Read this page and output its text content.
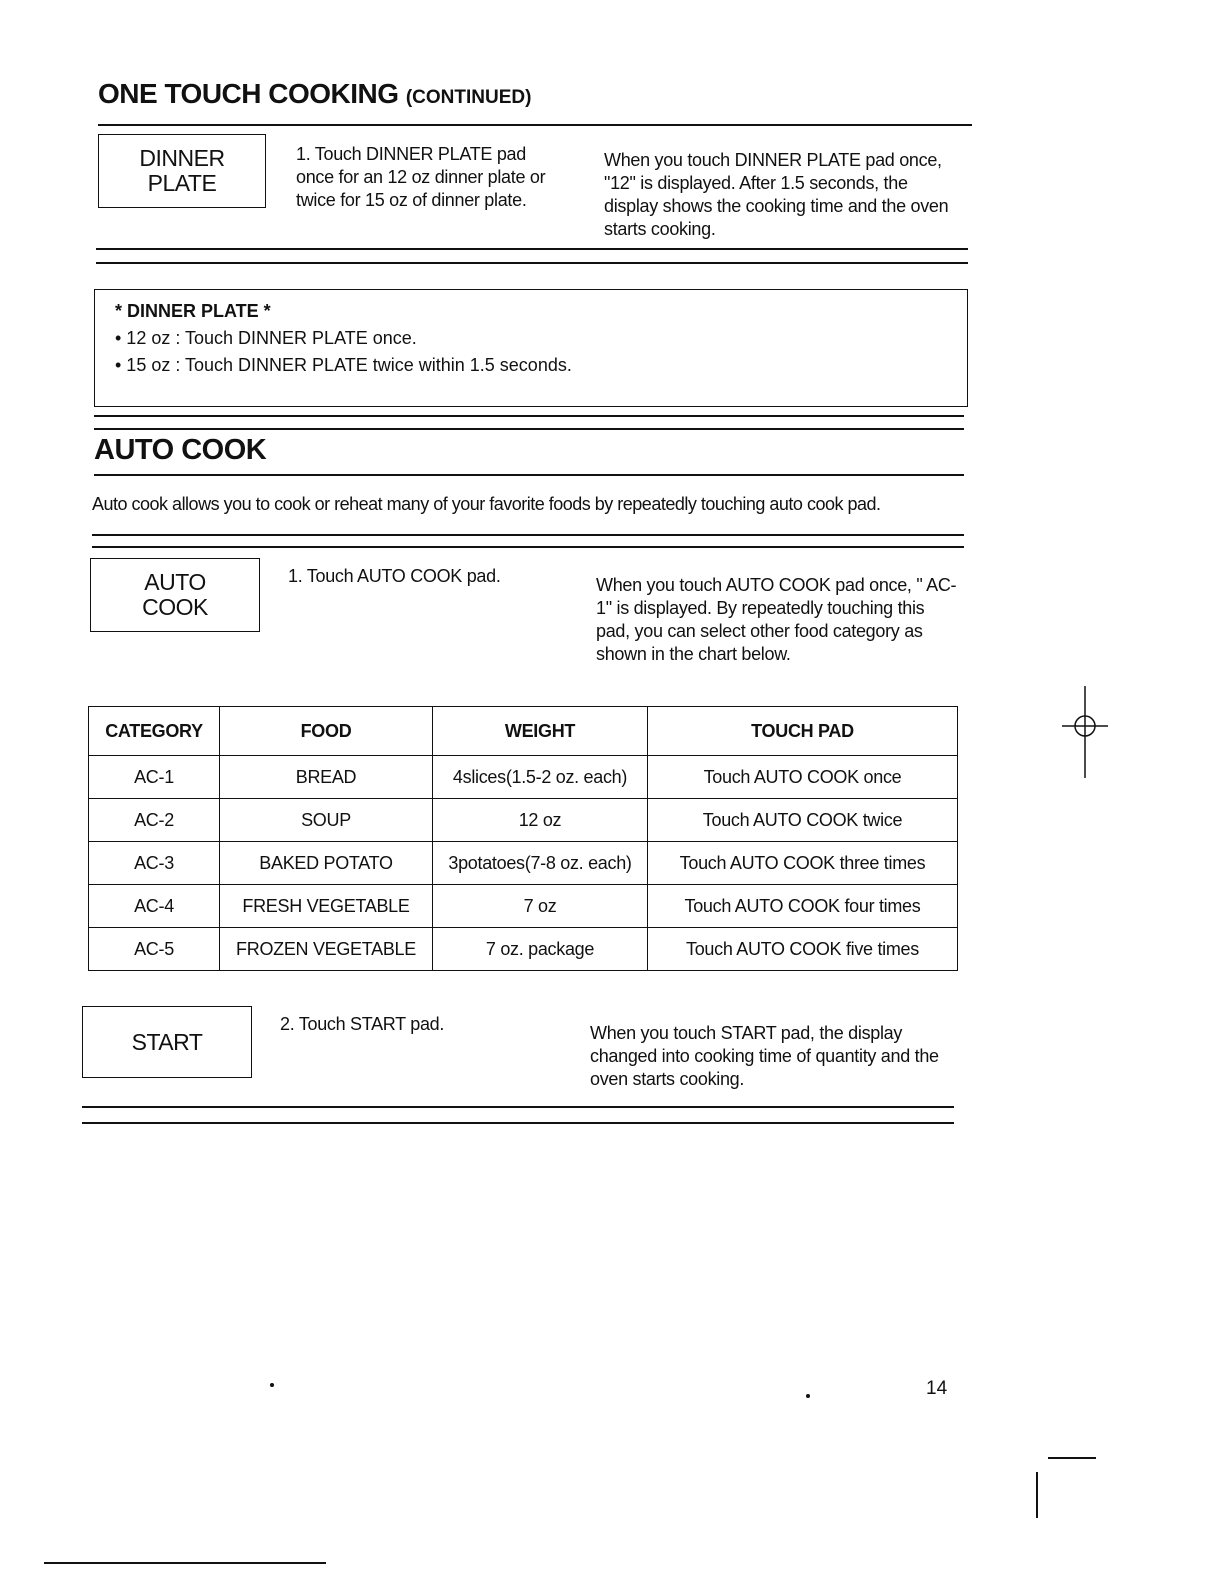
ONE TOUCH COOKING (CONTINUED)
DINNER
PLATE
1. Touch DINNER PLATE pad once for an 12 oz dinner plate or twice for 15 oz of dinner plate.
When you touch DINNER PLATE pad once, "12" is displayed. After 1.5 seconds, the display shows the cooking time and the oven starts cooking.
* DINNER PLATE *
• 12 oz : Touch DINNER PLATE once.
• 15 oz : Touch DINNER PLATE twice within 1.5 seconds.
AUTO COOK
Auto cook allows you to cook or reheat many of your favorite foods by repeatedly touching auto cook pad.
AUTO
COOK
1. Touch AUTO COOK pad.	When you touch AUTO COOK pad once, " AC-1" is displayed. By repeatedly touching this pad, you can select other food category as shown in the chart below.
CATEGORY	FOOD	WEIGHT	TOUCH PAD
AC-1	BREAD	4slices(1.5-2 oz. each)	Touch AUTO COOK once
AC-2	SOUP	12 oz	Touch AUTO COOK twice
AC-3	BAKED POTATO	3potatoes(7-8 oz. each)	Touch AUTO COOK three times
AC-4	FRESH VEGETABLE	7 oz	Touch AUTO COOK four times
AC-5	FROZEN VEGETABLE	7 oz. package	Touch AUTO COOK five times
START
2. Touch START pad.	When you touch START pad, the display changed into cooking time of quantity and the oven starts cooking.
14
